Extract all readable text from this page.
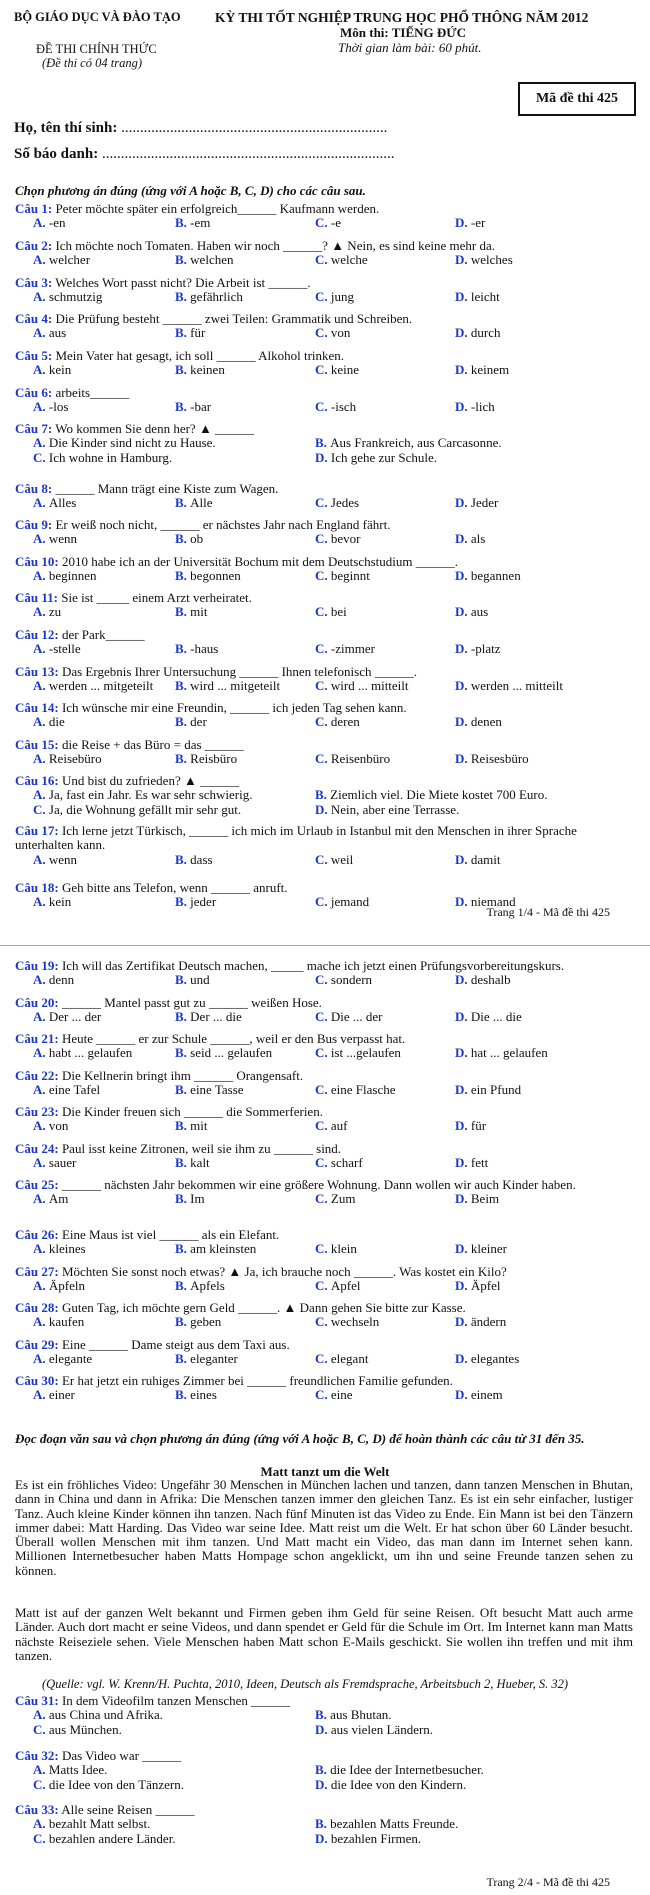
BỘ GIÁO DỤC VÀ ĐÀO TẠO
ĐỀ THI CHÍNH THỨC
(Đề thi có 04 trang)
KỲ THI TỐT NGHIỆP TRUNG HỌC PHỔ THÔNG NĂM 2012
Môn thi: TIẾNG ĐỨC
Thời gian làm bài: 60 phút.
Mã đề thi 425
Họ, tên thí sinh: .......................................................................
Số báo danh: ..............................................................................
Chọn phương án đúng (ứng với A hoặc B, C, D) cho các câu sau.
Câu 1: Peter möchte später ein erfolgreich______ Kaufmann werden.
A. -en	B. -em	C. -e	D. -er
Câu 2: Ich möchte noch Tomaten. Haben wir noch ______? ▲ Nein, es sind keine mehr da.
A. welcher	B. welchen	C. welche	D. welches
Câu 3: Welches Wort passt nicht? Die Arbeit ist ______.
A. schmutzig	B. gefährlich	C. jung	D. leicht
Câu 4: Die Prüfung besteht ______ zwei Teilen: Grammatik und Schreiben.
A. aus	B. für	C. von	D. durch
Câu 5: Mein Vater hat gesagt, ich soll ______ Alkohol trinken.
A. kein	B. keinen	C. keine	D. keinem
Câu 6: arbeits______
A. -los	B. -bar	C. -isch	D. -lich
Câu 7: Wo kommen Sie denn her? ▲ ______
A. Die Kinder sind nicht zu Hause.	B. Aus Frankreich, aus Carcasonne.
C. Ich wohne in Hamburg.	D. Ich gehe zur Schule.
Câu 8: ______ Mann trägt eine Kiste zum Wagen.
A. Alles	B. Alle	C. Jedes	D. Jeder
Câu 9: Er weiß noch nicht, ______ er nächstes Jahr nach England fährt.
A. wenn	B. ob	C. bevor	D. als
Câu 10: 2010 habe ich an der Universität Bochum mit dem Deutschstudium ______.
A. beginnen	B. begonnen	C. beginnt	D. begannen
Câu 11: Sie ist _____ einem Arzt verheiratet.
A. zu	B. mit	C. bei	D. aus
Câu 12: der Park______
A. -stelle	B. -haus	C. -zimmer	D. -platz
Câu 13: Das Ergebnis Ihrer Untersuchung ______ Ihnen telefonisch ______.
A. werden ... mitgeteilt B. wird ... mitgeteilt	C. wird ... mitteilt	D. werden ... mitteilt
Câu 14: Ich wünsche mir eine Freundin, ______ ich jeden Tag sehen kann.
A. die	B. der	C. deren	D. denen
Câu 15: die Reise + das Büro = das ______
A. Reisebüro	B. Reisbüro	C. Reisenbüro	D. Reisesbüro
Câu 16: Und bist du zufrieden? ▲ ______
A. Ja, fast ein Jahr. Es war sehr schwierig.	B. Ziemlich viel. Die Miete kostet 700 Euro.
C. Ja, die Wohnung gefällt mir sehr gut.	D. Nein, aber eine Terrasse.
Câu 17: Ich lerne jetzt Türkisch, ______ ich mich im Urlaub in Istanbul mit den Menschen in ihrer Sprache unterhalten kann.
A. wenn	B. dass	C. weil	D. damit
Câu 18: Geh bitte ans Telefon, wenn ______ anruft.
A. kein	B. jeder	C. jemand	D. niemand
Câu 19: Ich will das Zertifikat Deutsch machen, _____ mache ich jetzt einen Prüfungsvorbereitungskurs.
A. denn	B. und	C. sondern	D. deshalb
Câu 20: ______ Mantel passt gut zu ______ weißen Hose.
A. Der ... der	B. Der ... die	C. Die ... der	D. Die ... die
Câu 21: Heute ______ er zur Schule ______, weil er den Bus verpasst hat.
A. habt ... gelaufen	B. seid ... gelaufen	C. ist ...gelaufen	D. hat ... gelaufen
Câu 22: Die Kellnerin bringt ihm ______ Orangensaft.
A. eine Tafel	B. eine Tasse	C. eine Flasche	D. ein Pfund
Câu 23: Die Kinder freuen sich ______ die Sommerferien.
A. von	B. mit	C. auf	D. für
Câu 24: Paul isst keine Zitronen, weil sie ihm zu ______ sind.
A. sauer	B. kalt	C. scharf	D. fett
Câu 25: ______ nächsten Jahr bekommen wir eine größere Wohnung. Dann wollen wir auch Kinder haben.
A. Am	B. Im	C. Zum	D. Beim
Câu 26: Eine Maus ist viel ______ als ein Elefant.
A. kleines	B. am kleinsten	C. klein	D. kleiner
Câu 27: Möchten Sie sonst noch etwas? ▲ Ja, ich brauche noch ______. Was kostet ein Kilo?
A. Äpfeln	B. Apfels	C. Apfel	D. Äpfel
Câu 28: Guten Tag, ich möchte gern Geld ______. ▲ Dann gehen Sie bitte zur Kasse.
A. kaufen	B. geben	C. wechseln	D. ändern
Câu 29: Eine ______ Dame steigt aus dem Taxi aus.
A. elegante	B. eleganter	C. elegant	D. elegantes
Câu 30: Er hat jetzt ein ruhiges Zimmer bei ______ freundlichen Familie gefunden.
A. einer	B. eines	C. eine	D. einem
Câu 31: In dem Videofilm tanzen Menschen ______
A. aus China und Afrika.	B. aus Bhutan.
C. aus München.	D. aus vielen Ländern.
Câu 32: Das Video war ______
A. Matts Idee.	B. die Idee der Internetbesucher.
C. die Idee von den Tänzern.	D. die Idee von den Kindern.
Câu 33: Alle seine Reisen ______
A. bezahlt Matt selbst.	B. bezahlen Matts Freunde.
C. bezahlen andere Länder.	D. bezahlen Firmen.
Trang 1/4 - Mã đề thi 425
Đọc đoạn văn sau và chọn phương án đúng (ứng với A hoặc B, C, D) để hoàn thành các câu từ 31 đến 35.
Matt tanzt um die Welt
Es ist ein fröhliches Video: Ungefähr 30 Menschen in München lachen und tanzen, dann tanzen Menschen in Bhutan, dann in China und dann in Afrika: Die Menschen tanzen immer den gleichen Tanz. Es ist ein sehr einfacher, lustiger Tanz. Auch kleine Kinder können ihn tanzen. Nach fünf Minuten ist das Video zu Ende. Ein Mann ist bei den Tänzern immer dabei: Matt Harding. Das Video war seine Idee. Matt reist um die Welt. Er hat schon über 60 Länder besucht. Überall wollen Menschen mit ihm tanzen. Und Matt macht ein Video, das man dann im Internet sehen kann. Millionen Internetbesucher haben Matts Hompage schon angeklickt, um ihn und seine Freunde tanzen sehen zu können.
Matt ist auf der ganzen Welt bekannt und Firmen geben ihm Geld für seine Reisen. Oft besucht Matt auch arme Länder. Auch dort macht er seine Videos, und dann spendet er Geld für die Schule im Ort. Im Internet kann man Matts nächste Reiseziele sehen. Viele Menschen haben Matt schon E-Mails geschickt. Sie wollen ihn treffen und mit ihm tanzen.
(Quelle: vgl. W. Krenn/H. Puchta, 2010, Ideen, Deutsch als Fremdsprache, Arbeitsbuch 2, Hueber, S. 32)
Trang 2/4 - Mã đề thi 425
